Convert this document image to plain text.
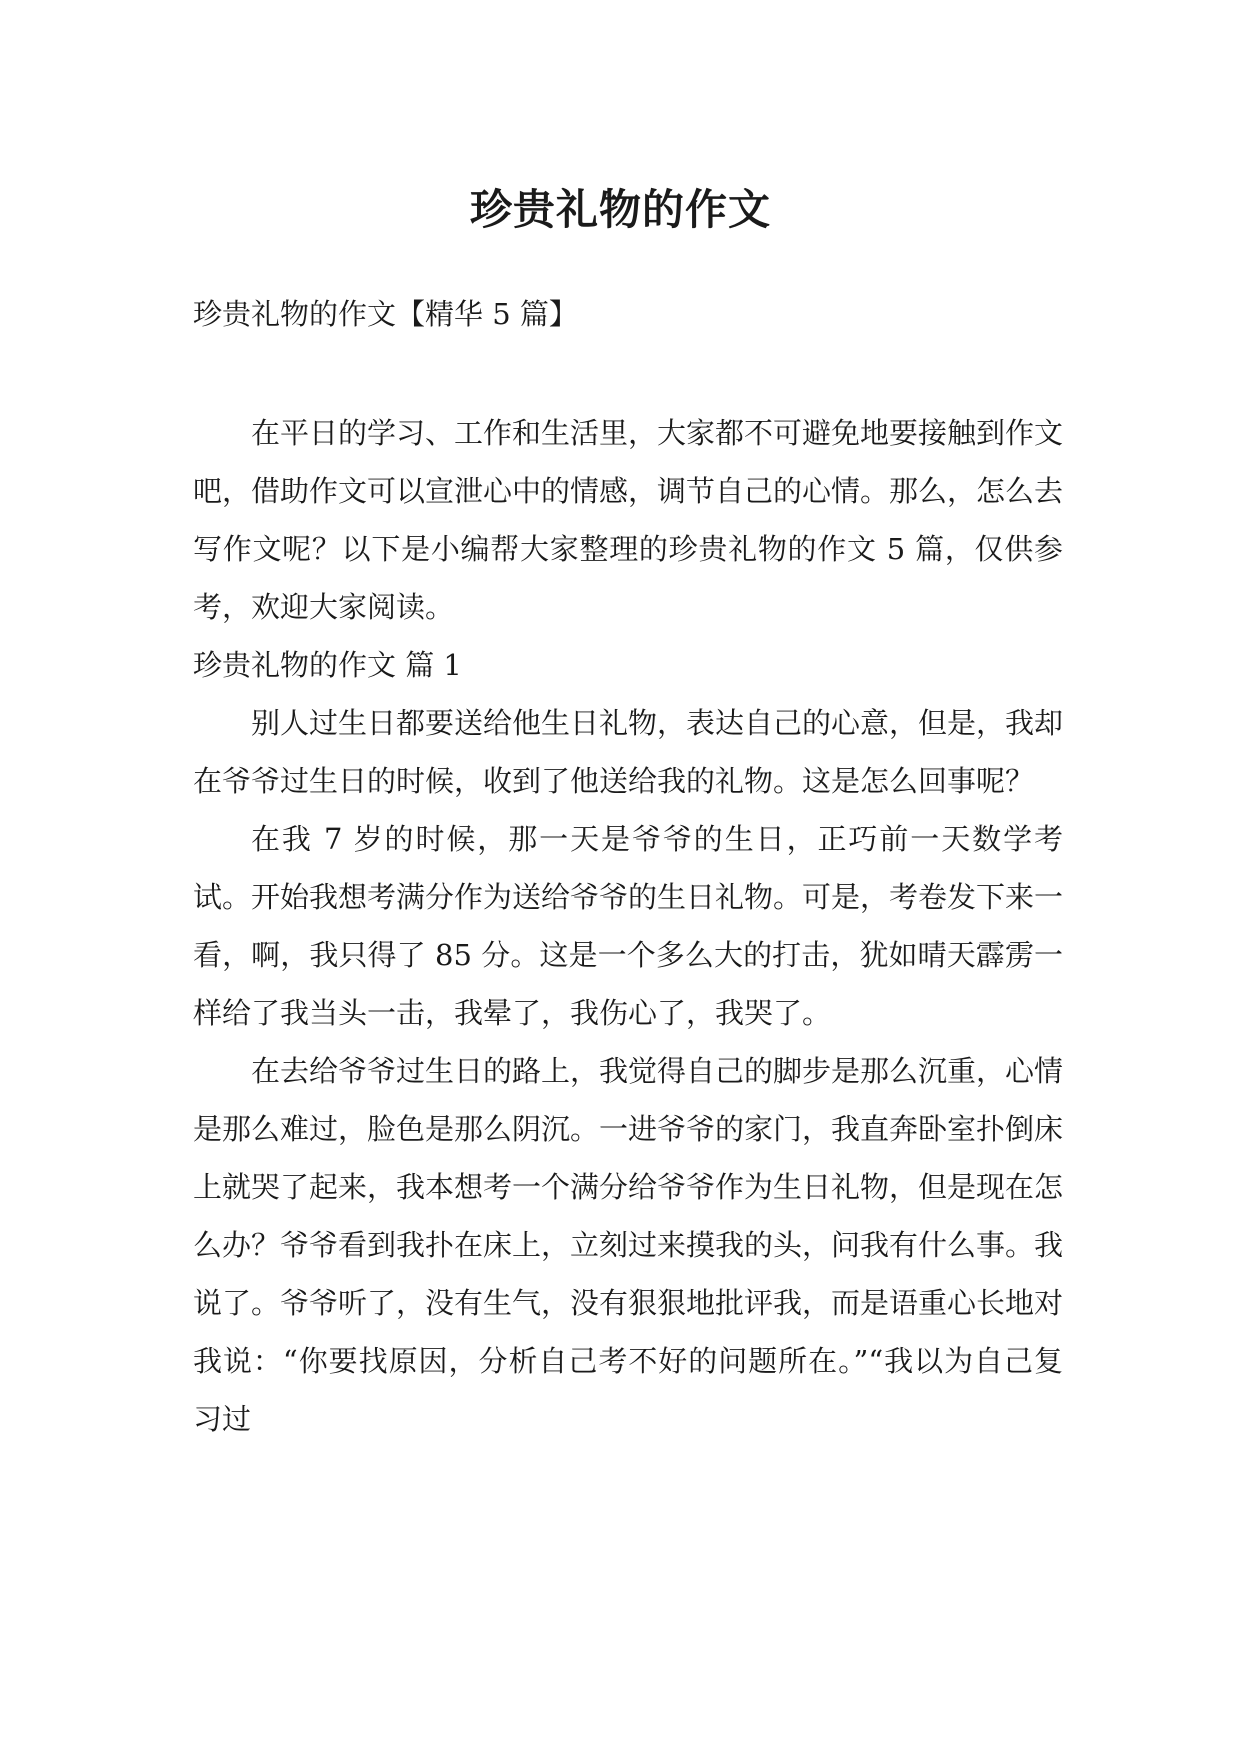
珍贵礼物的作文
珍贵礼物的作文【精华 5 篇】

在平日的学习、工作和生活里，大家都不可避免地要接触到作文吧，借助作文可以宣泄心中的情感，调节自己的心情。那么，怎么去写作文呢？以下是小编帮大家整理的珍贵礼物的作文 5 篇，仅供参考，欢迎大家阅读。

珍贵礼物的作文 篇 1

别人过生日都要送给他生日礼物，表达自己的心意，但是，我却在爷爷过生日的时候，收到了他送给我的礼物。这是怎么回事呢？

在我 7 岁的时候，那一天是爷爷的生日，正巧前一天数学考试。开始我想考满分作为送给爷爷的生日礼物。可是，考卷发下来一看，啊，我只得了 85 分。这是一个多么大的打击，犹如晴天霹雳一样给了我当头一击，我晕了，我伤心了，我哭了。

在去给爷爷过生日的路上，我觉得自己的脚步是那么沉重，心情是那么难过，脸色是那么阴沉。一进爷爷的家门，我直奔卧室扑倒床上就哭了起来，我本想考一个满分给爷爷作为生日礼物，但是现在怎么办？爷爷看到我扑在床上，立刻过来摸我的头，问我有什么事。我说了。爷爷听了，没有生气，没有狠狠地批评我，而是语重心长地对我说：“你要找原因，分析自己考不好的问题所在。”“我以为自己复习过
